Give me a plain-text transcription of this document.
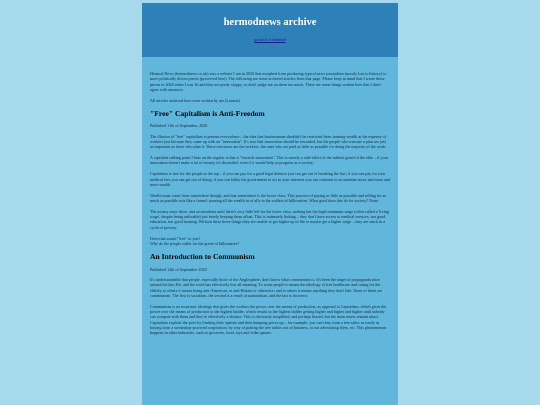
hermodnews archive
go back to chinmoé

Hermod News (hermodnews.co.uk) was a website I ran in 2020 that morphed from producing typical news journalism (mostly lost to history) to more politically driven pieces (preserved here). The following are some archived articles from that page. Please keep in mind that I wrote these pieces in 2020 when I was 16 and they are pretty sloppy, so don't judge me on them too much. There are some things written here that I don't agree with anymore.

All articles archived here were written by me (Lanson).

"Free" Capitalism is Anti-Freedom

Published 11th of September, 2020

The illusion of "free" capitalism is present everywhere – the idea that businessmen shouldn't be restricted from farming wealth at the expense of workers just because they came up with an "innovation". It's true that innovation should be rewarded, but the people who execute a plan are just as important as those who plan it. These executors are the workers, the ones who are paid as little as possible for doing the majority of the work.

A capitalist talking point I hear on the regular is that it "rewards innovation". This is merely a side-effect of the infinite greed of the elite – if your innovation doesn't make a lot of money, it's discarded, even if it would help us progress as a society.

Capitalism is free for the people at the top – if you can pay for a good legal defence you can get out of breaking the law; if you can pay for your medical fees you can get out of dying; if you can lobby the government to act in your interests you can continue to accumulate more and more and more wealth.

Wealth must come from somewhere though, and that somewhere is the lower class. This practice of paying as little as possible and selling for as much as possible acts like a funnel, pouring all the wealth in of ally in the wallets of billionaires. What good does this do for society? None.

The money stays there, and accumulates until there's very little left for the lower class, nothing but the legal minimum wage (often called a 'living wage', despite being unlivable) just barely keeping them afloat. This is intimately linking – they don't have access to medical services, nor good education, nor good housing. Without these three things they are unable to get higher up in life to maybe get a higher wage – they are stuck in a cycle of poverty.

Does that sound "free" to you?
Why do the people suffer for the greed of billionaires?

An Introduction to Communism

Published 12th of September 2020

It's understandable that people, especially those of the Anglosphere, don't know what communism is. It's been the target of propaganda since around the late 40s, and the word has effectively lost all meaning. To some people it means the ideology of free healthcare and caring for the elderly, to others it means being anti-American, or anti-Britain or otherwise; and to others it means anything they don't like. None of these are communism. The first is socialism, the second is a result of nationalism, and the last is incorrect.

Communism is an economic ideology that gives the workers the power over the means of production, as opposed to Capitalism, which gives the power over the means of production to the highest bidder, which results in the highest bidder getting higher and higher and higher until nobody can compete with them and they're effectively a dictator. This is obviously simplified, and perhaps biased, but the main tenets remain intact. Capitalism exploits the poor by limiting their options and then bumping prices up – for example, you can't buy from a tree tailor as easily as buying from a sweatshop-powered corporation, by way of putting the tree tailors out of business, or out advertising them, etc. This phenomenon happens in other industries, such as groceries, food, toys and video games.
